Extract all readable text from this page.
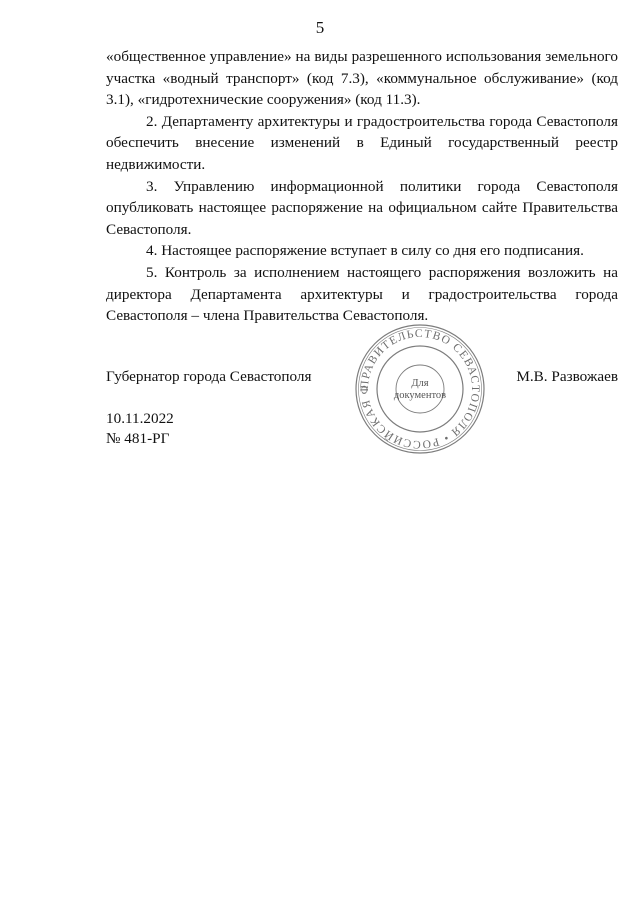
5

«общественное управление» на виды разрешенного использования земельного участка «водный транспорт» (код 7.3), «коммунальное обслуживание» (код 3.1), «гидротехнические сооружения» (код 11.3).

2. Департаменту архитектуры и градостроительства города Севастополя обеспечить внесение изменений в Единый государственный реестр недвижимости.

3. Управлению информационной политики города Севастополя опубликовать настоящее распоряжение на официальном сайте Правительства Севастополя.

4. Настоящее распоряжение вступает в силу со дня его подписания.

5. Контроль за исполнением настоящего распоряжения возложить на директора Департамента архитектуры и градостроительства города Севастополя – члена Правительства Севастополя.

Губернатор города Севастополя	М.В. Развожаев
ПРАВИТЕЛЬСТВО СЕВАСТОПОЛЯ • РОССИЙСКАЯ Ф
Для
документов
10.11.2022
№ 481-РГ
